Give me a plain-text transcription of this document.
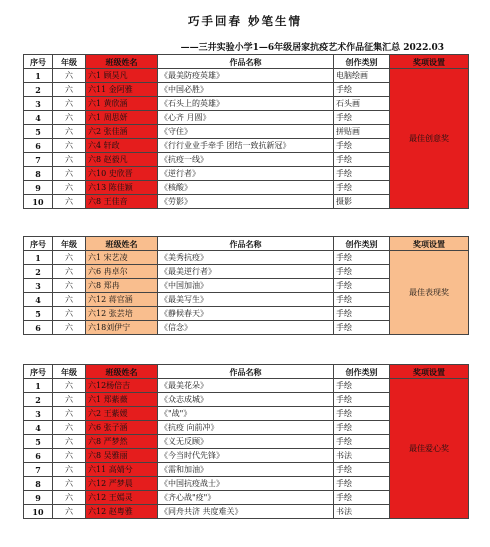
巧手回春 妙笔生情
——三井实验小学1—6年级居家抗疫艺术作品征集汇总 2022.03
序号	年级	班级姓名	作品名称	创作类别	奖项设置
1	六	六1 顾昊凡	《最美防疫英雄》	电脑绘画	最佳创意奖
2	六	六11 金阿雅	《中国必胜》	手绘	
3	六	六1 黄欣涵	《石头上的英雄》	石头画	
4	六	六1 周思妍	《心齐 月圆》	手绘	
5	六	六2 张佳涵	《守住》	拼贴画	
6	六	六4 轩政	《行行业业手牵手 团结一致抗新冠》	手绘	
7	六	六8 赵毅凡	《抗疫一线》	手绘	
8	六	六10 史欣晋	《逆行者》	手绘	
9	六	六13 陈佳颖	《核酸》	手绘	
10	六	六8 王佳音	《劳影》	摄影	
序号	年级	班级姓名	作品名称	创作类别	奖项设置
1	六	六1 宋艺凌	《美秀抗疫》	手绘	最佳表现奖
2	六	六6 冉卓尔	《最美逆行者》	手绘	
3	六	六8 郑冉	《中国加油》	手绘	
4	六	六12 蒋官涵	《最美写生》	手绘	
5	六	六12 张芸培	《静候春天》	手绘	
6	六	六18刘伊宁	《信念》	手绘	
序号	年级	班级姓名	作品名称	创作类别	奖项设置
1	六	六12杨倍吉	《最美花朵》	手绘	最佳爱心奖
2	六	六1 郑紫薇	《众志成城》	手绘	
3	六	六2 王紫媛	《"战"》	手绘	
4	六	六6 张子涵	《抗疫 向前冲》	手绘	
5	六	六8 严梦然	《义无反顾》	手绘	
6	六	六8 吴雅丽	《今当时代先锋》	书法	
7	六	六11 高婧兮	《需和加油》	手绘	
8	六	六12 严梦晨	《中国抗疫战士》	手绘	
9	六	六12 王嫣灵	《齐心战"疫"》	手绘	
10	六	六12 赵粤雅	《同舟共济 共度难关》	书法	
